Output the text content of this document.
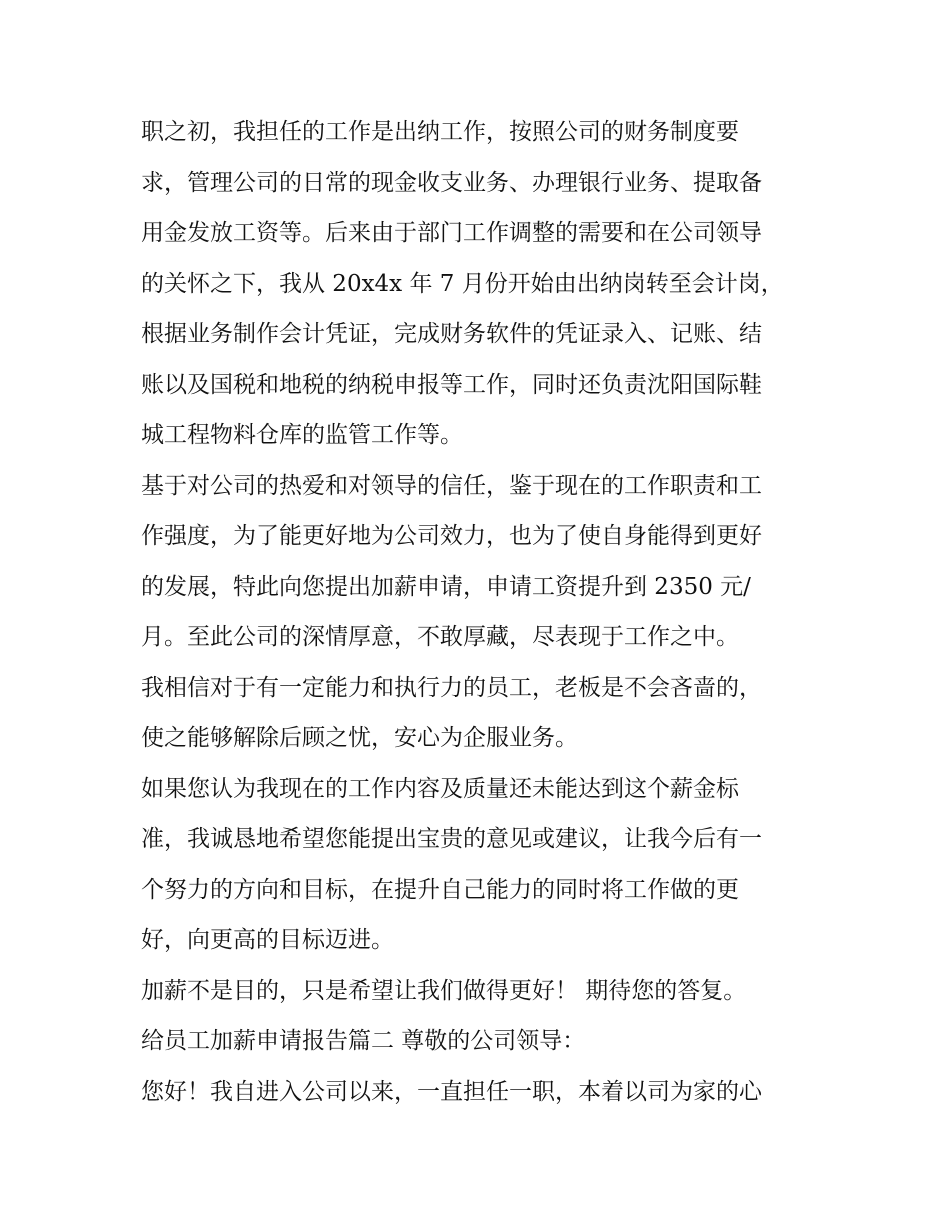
职之初，我担任的工作是出纳工作，按照公司的财务制度要
求，管理公司的日常的现金收支业务、办理银行业务、提取备
用金发放工资等。后来由于部门工作调整的需要和在公司领导
的关怀之下，我从 20x4x 年 7 月份开始由出纳岗转至会计岗，
根据业务制作会计凭证，完成财务软件的凭证录入、记账、结
账以及国税和地税的纳税申报等工作，同时还负责沈阳国际鞋
城工程物料仓库的监管工作等。
基于对公司的热爱和对领导的信任，鉴于现在的工作职责和工
作强度，为了能更好地为公司效力，也为了使自身能得到更好
的发展，特此向您提出加薪申请，申请工资提升到 2350 元/
月。至此公司的深情厚意，不敢厚藏，尽表现于工作之中。
我相信对于有一定能力和执行力的员工，老板是不会吝啬的，
使之能够解除后顾之忧，安心为企服业务。
如果您认为我现在的工作内容及质量还未能达到这个薪金标
准，我诚恳地希望您能提出宝贵的意见或建议，让我今后有一
个努力的方向和目标，在提升自己能力的同时将工作做的更
好，向更高的目标迈进。
加薪不是目的，只是希望让我们做得更好！ 期待您的答复。
给员工加薪申请报告篇二 尊敬的公司领导：
您好！我自进入公司以来，一直担任一职，本着以司为家的心
